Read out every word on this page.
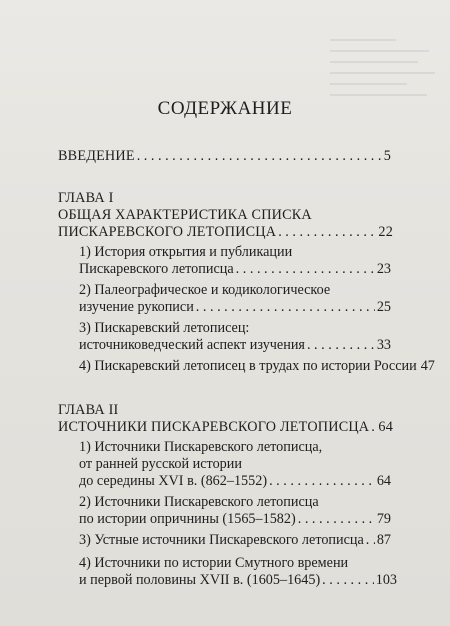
СОДЕРЖАНИЕ
ВВЕДЕНИЕ . . .	5
ГЛАВА I
ОБЩАЯ ХАРАКТЕРИСТИКА СПИСКА
ПИСКАРЕВСКОГО ЛЕТОПИСЦА . . .	22
1) История открытия и публикации
Пискаревского летописца . . .	23
2) Палеографическое и кодикологическое
изучение рукописи . . .	25
3) Пискаревский летописец:
источниковедческий аспект изучения . . .	33
4) Пискаревский летописец в трудах по истории России 47
ГЛАВА II
ИСТОЧНИКИ ПИСКАРЕВСКОГО ЛЕТОПИСЦА . . . 64
1) Источники Пискаревского летописца,
от ранней русской истории
до середины XVI в. (862–1552) . . .	64
2) Источники Пискаревского летописца
по истории опричнины (1565–1582) . . .	79
3) Устные источники Пискаревского летописца . . . 87
4) Источники по истории Смутного времени
и первой половины XVII в. (1605–1645) . . .	103
